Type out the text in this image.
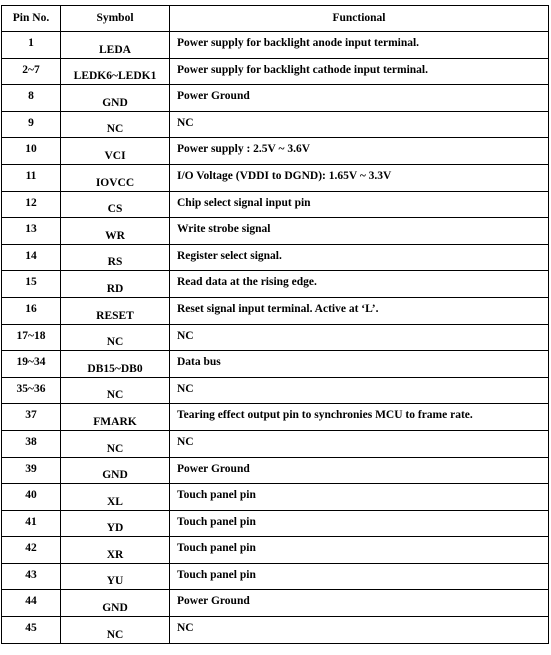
Pin No.	Symbol	Functional
1	LEDA	Power supply for backlight anode input terminal.
2~7	LEDK6~LEDK1	Power supply for backlight cathode input terminal.
8	GND	Power Ground
9	NC	NC
10	VCI	Power supply : 2.5V ~ 3.6V
11	IOVCC	I/O Voltage (VDDI to DGND): 1.65V ~ 3.3V
12	CS	Chip select signal input pin
13	WR	Write strobe signal
14	RS	Register select signal.
15	RD	Read data at the rising edge.
16	RESET	Reset signal input terminal. Active at ‘L’.
17~18	NC	NC
19~34	DB15~DB0	Data bus
35~36	NC	NC
37	FMARK	Tearing effect output pin to synchronies MCU to frame rate.
38	NC	NC
39	GND	Power Ground
40	XL	Touch panel pin
41	YD	Touch panel pin
42	XR	Touch panel pin
43	YU	Touch panel pin
44	GND	Power Ground
45	NC	NC
